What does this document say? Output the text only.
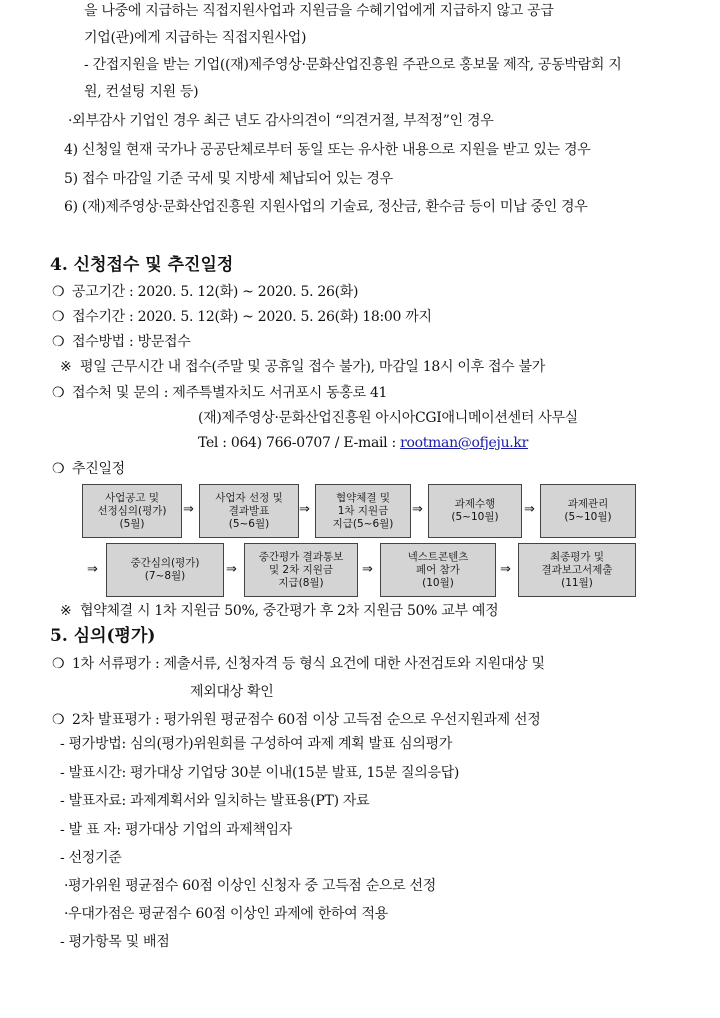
을 나중에 지급하는 직접지원사업과 지원금을 수혜기업에게 지급하지 않고 공급
기업(관)에게 지급하는 직접지원사업)
- 간접지원을 받는 기업((재)제주영상·문화산업진흥원 주관으로 홍보물 제작, 공동박람회 지
원, 컨설팅 지원 등)
·외부감사 기업인 경우 최근 년도 감사의견이 “의견거절, 부적정”인 경우
4) 신청일 현재 국가나 공공단체로부터 동일 또는 유사한 내용으로 지원을 받고 있는 경우
5) 접수 마감일 기준 국세 및 지방세 체납되어 있는 경우
6) (재)제주영상·문화산업진흥원 지원사업의 기술료, 정산금, 환수금 등이 미납 중인 경우
4. 신청접수 및 추진일정
❍ 공고기간 : 2020. 5. 12(화) ~ 2020. 5. 26(화)
❍ 접수기간 : 2020. 5. 12(화) ~ 2020. 5. 26(화) 18:00 까지
❍ 접수방법 : 방문접수
※ 평일 근무시간 내 접수(주말 및 공휴일 접수 불가), 마감일 18시 이후 접수 불가
❍ 접수처 및 문의 : 제주특별자치도 서귀포시 동홍로 41
(재)제주영상·문화산업진흥원 아시아CGI애니메이션센터 사무실
Tel : 064) 766-0707 / E-mail : rootman@ofjeju.kr
❍ 추진일정
사업공고 및
선정심의(평가)
(5월)
⇒
사업자 선정 및
결과발표
(5~6월)
⇒
협약체결 및
1차 지원금
지급(5~6월)
⇒	과제수행
(5~10월)	⇒	과제관리
(5~10월)
⇒	중간심의(평가)
(7~8월)	⇒
중간평가 결과통보
및 2차 지원금
지급(8월)
⇒
넥스트콘텐츠
페어 참가
(10월)
⇒
최종평가 및
결과보고서제출
(11월)
※ 협약체결 시 1차 지원금 50%, 중간평가 후 2차 지원금 50% 교부 예정
5. 심의(평가)
❍ 1차 서류평가 : 제출서류, 신청자격 등 형식 요건에 대한 사전검토와 지원대상 및
제외대상 확인
❍ 2차 발표평가 : 평가위원 평균점수 60점 이상 고득점 순으로 우선지원과제 선정
- 평가방법: 심의(평가)위원회를 구성하여 과제 계획 발표 심의평가
- 발표시간: 평가대상 기업당 30분 이내(15분 발표, 15분 질의응답)
- 발표자료: 과제계획서와 일치하는 발표용(PT) 자료
- 발 표 자: 평가대상 기업의 과제책임자
- 선정기준
·평가위원 평균점수 60점 이상인 신청자 중 고득점 순으로 선정
·우대가점은 평균점수 60점 이상인 과제에 한하여 적용
- 평가항목 및 배점
